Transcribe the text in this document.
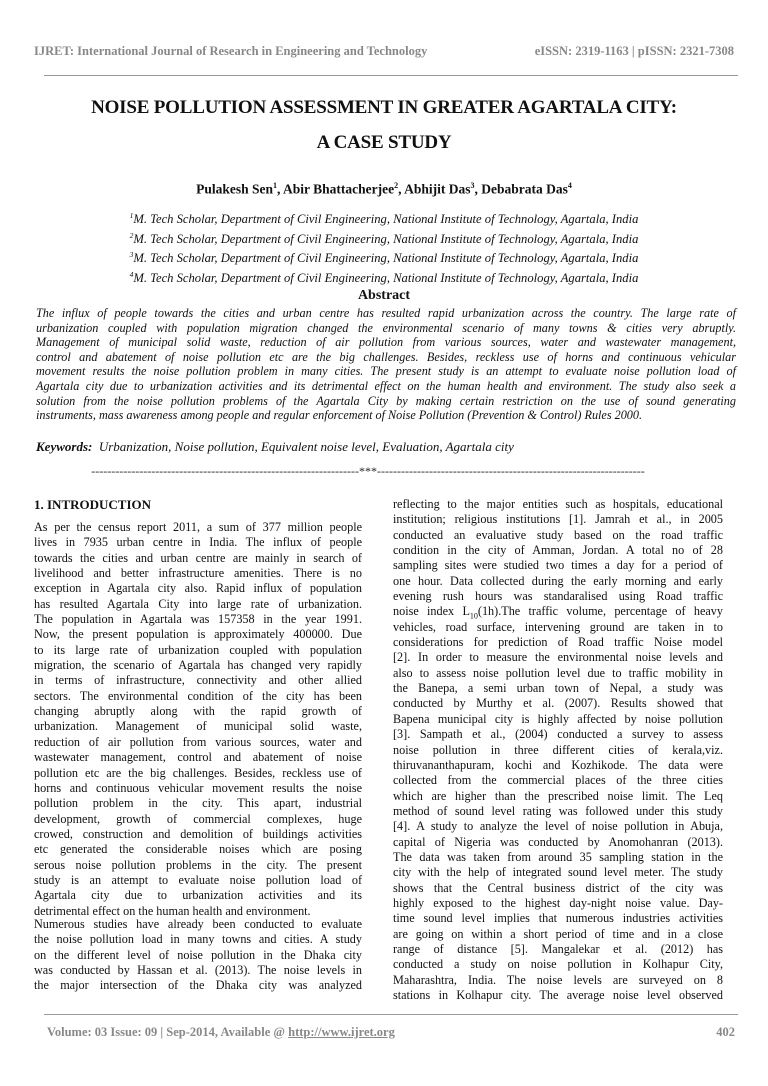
IJRET: International Journal of Research in Engineering and Technology	eISSN: 2319-1163 | pISSN: 2321-7308
NOISE POLLUTION ASSESSMENT IN GREATER AGARTALA CITY:
A CASE STUDY
Pulakesh Sen$^1$, Abir Bhattacherjee$^2$, Abhijit Das$^3$, Debabrata Das$^4$
$^1$M. Tech Scholar, Department of Civil Engineering, National Institute of Technology, Agartala, India
$^2$M. Tech Scholar, Department of Civil Engineering, National Institute of Technology, Agartala, India
$^3$M. Tech Scholar, Department of Civil Engineering, National Institute of Technology, Agartala, India
$^4$M. Tech Scholar, Department of Civil Engineering, National Institute of Technology, Agartala, India
Abstract
The influx of people towards the cities and urban centre has resulted rapid urbanization across the country. The large rate of
urbanization coupled with population migration changed the environmental scenario of many towns & cities very abruptly.
Management of municipal solid waste, reduction of air pollution from various sources, water and wastewater management,
control and abatement of noise pollution etc are the big challenges. Besides, reckless use of horns and continuous vehicular
movement results the noise pollution problem in many cities. The present study is an attempt to evaluate noise pollution load of
Agartala city due to urbanization activities and its detrimental effect on the human health and environment. The study also seek a
solution from the noise pollution problems of the Agartala City by making certain restriction on the use of sound generating
instruments, mass awareness among people and regular enforcement of Noise Pollution (Prevention & Control) Rules 2000.
Keywords: Urbanization, Noise pollution, Equivalent noise level, Evaluation, Agartala city
-------------------------------------------------------------------***-------------------------------------------------------------------
1. INTRODUCTION
As per the census report 2011, a sum of 377 million people
lives in 7935 urban centre in India. The influx of people
towards the cities and urban centre are mainly in search of
livelihood and better infrastructure amenities. There is no
exception in Agartala city also. Rapid influx of population
has resulted Agartala City into large rate of urbanization.
The population in Agartala was 157358 in the year 1991.
Now, the present population is approximately 400000. Due
to its large rate of urbanization coupled with population
migration, the scenario of Agartala has changed very rapidly
in terms of infrastructure, connectivity and other allied
sectors. The environmental condition of the city has been
changing abruptly along with the rapid growth of
urbanization. Management of municipal solid waste,
reduction of air pollution from various sources, water and
wastewater management, control and abatement of noise
pollution etc are the big challenges. Besides, reckless use of
horns and continuous vehicular movement results the noise
pollution problem in the city. This apart, industrial
development, growth of commercial complexes, huge
crowed, construction and demolition of buildings activities
etc generated the considerable noises which are posing
serous noise pollution problems in the city. The present
study is an attempt to evaluate noise pollution load of
Agartala city due to urbanization activities and its
detrimental effect on the human health and environment.
Numerous studies have already been conducted to evaluate
the noise pollution load in many towns and cities. A study
on the different level of noise pollution in the Dhaka city
was conducted by Hassan et al. (2013). The noise levels in
the major intersection of the Dhaka city was analyzed
reflecting to the major entities such as hospitals, educational
institution; religious institutions [1]. Jamrah et al., in 2005
conducted an evaluative study based on the road traffic
condition in the city of Amman, Jordan. A total no of 28
sampling sites were studied two times a day for a period of
one hour. Data collected during the early morning and early
evening rush hours was standaralised using Road traffic
noise index $L_{10}(1h).The$ traffic volume, percentage of heavy
vehicles, road surface, intervening ground are taken in to
considerations for prediction of Road traffic Noise model
[2]. In order to measure the environmental noise levels and
also to assess noise pollution level due to traffic mobility in
the Banepa, a semi urban town of Nepal, a study was
conducted by Murthy et al. (2007). Results showed that
Bapena municipal city is highly affected by noise pollution
[3]. Sampath et al., (2004) conducted a survey to assess
noise pollution in three different cities of kerala,viz.
thiruvananthapuram, kochi and Kozhikode. The data were
collected from the commercial places of the three cities
which are higher than the prescribed noise limit. The Leq
method of sound level rating was followed under this study
[4]. A study to analyze the level of noise pollution in Abuja,
capital of Nigeria was conducted by Anomohanran (2013).
The data was taken from around 35 sampling station in the
city with the help of integrated sound level meter. The study
shows that the Central business district of the city was
highly exposed to the highest day-night noise value. Day-
time sound level implies that numerous industries activities
are going on within a short period of time and in a close
range of distance [5]. Mangalekar et al. (2012) has
conducted a study on noise pollution in Kolhapur City,
Maharashtra, India. The noise levels are surveyed on 8
stations in Kolhapur city. The average noise level observed
Volume: 03 Issue: 09 | Sep-2014, Available @ http://www.ijret.org	402
